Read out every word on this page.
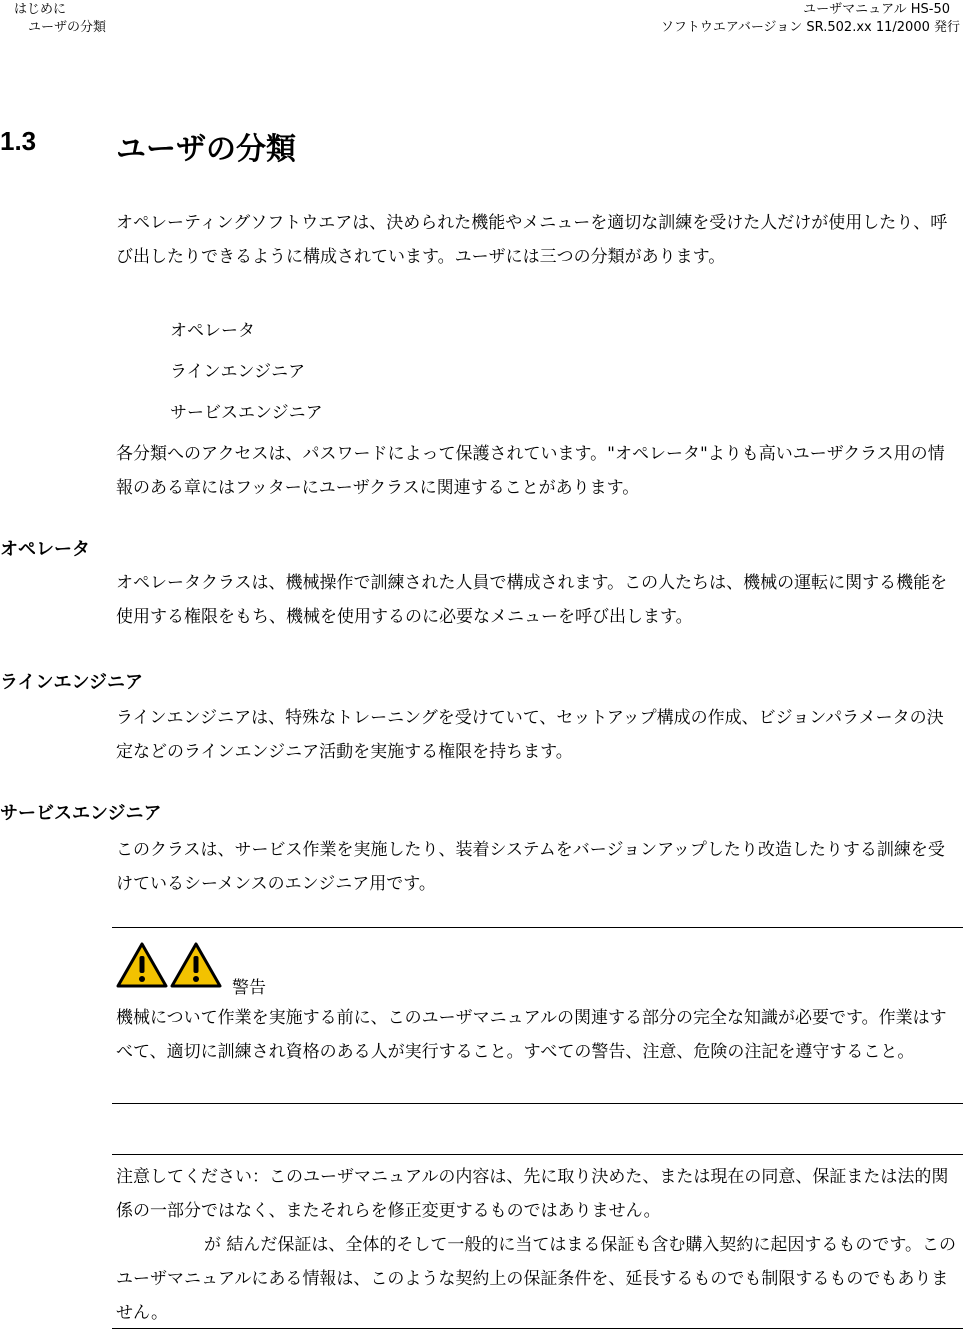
はじめに
ユーザの分類
ユーザマニュアル HS-50
ソフトウエアバージョン SR.502.xx 11/2000 発行
1.3	ユーザの分類
オペレーティングソフトウエアは、決められた機能やメニューを適切な訓練を受けた人だけが使用したり、呼び出したりできるように構成されています。ユーザには三つの分類があります。
オペレータ
ラインエンジニア
サービスエンジニア
各分類へのアクセスは、パスワードによって保護されています。"オペレータ"よりも高いユーザクラス用の情報のある章にはフッターにユーザクラスに関連することがあります。
オペレータ
オペレータクラスは、機械操作で訓練された人員で構成されます。この人たちは、機械の運転に関する機能を使用する権限をもち、機械を使用するのに必要なメニューを呼び出します。
ラインエンジニア
ラインエンジニアは、特殊なトレーニングを受けていて、セットアップ構成の作成、ビジョンパラメータの決定などのラインエンジニア活動を実施する権限を持ちます。
サービスエンジニア
このクラスは、サービス作業を実施したり、装着システムをバージョンアップしたり改造したりする訓練を受けているシーメンスのエンジニア用です。
警告
機械について作業を実施する前に、このユーザマニュアルの関連する部分の完全な知識が必要です。作業はすべて、適切に訓練され資格のある人が実行すること。すべての警告、注意、危険の注記を遵守すること。
注意してください：このユーザマニュアルの内容は、先に取り決めた、または現在の同意、保証または法的関係の一部分ではなく、またそれらを修正変更するものではありません。
が 結んだ保証は、全体的そして一般的に当てはまる保証も含む購入契約に起因するものです。このユーザマニュアルにある情報は、このような契約上の保証条件を、延長するものでも制限するものでもありません。
